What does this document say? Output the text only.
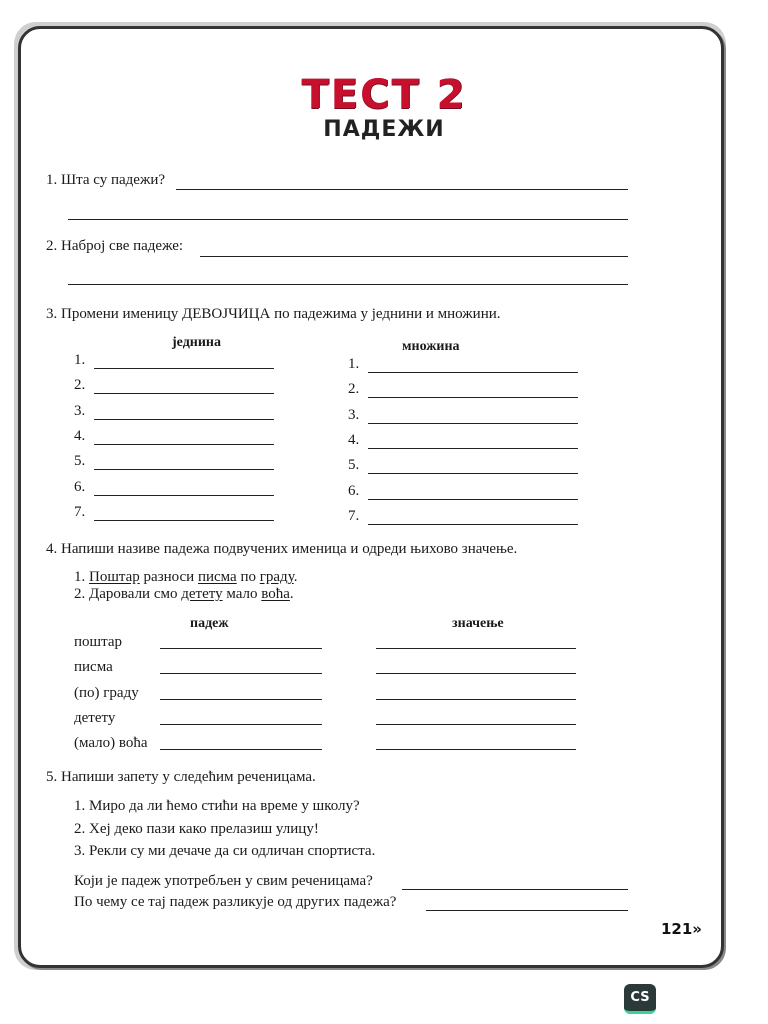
ТЕСТ 2
ПАДЕЖИ
1. Шта су падежи?
2. Наброј све падеже:
3. Промени именицу ДЕВОЈЧИЦА по падежима у једнини и множини.
једнина	множина
1.	1.
2.	2.
3.	3.
4.	4.
5.	5.
6.	6.
7.	7.
4. Напиши називе падежа подвучених именица и одреди њихово значење.
1. Поштар разноси писма по граду.
2. Даровали смо детету мало воћа.
падеж	значење
поштар
писма
(по) граду
детету
(мало) воћа
5. Напиши запету у следећим реченицама.
1. Миро да ли ћемо стићи на време у школу?
2. Хеј деко пази како прелазиш улицу!
3. Рекли су ми дечаче да си одличан спортиста.
Који је падеж употребљен у свим реченицама?
По чему се тај падеж разликује од других падежа?
121»
CS
